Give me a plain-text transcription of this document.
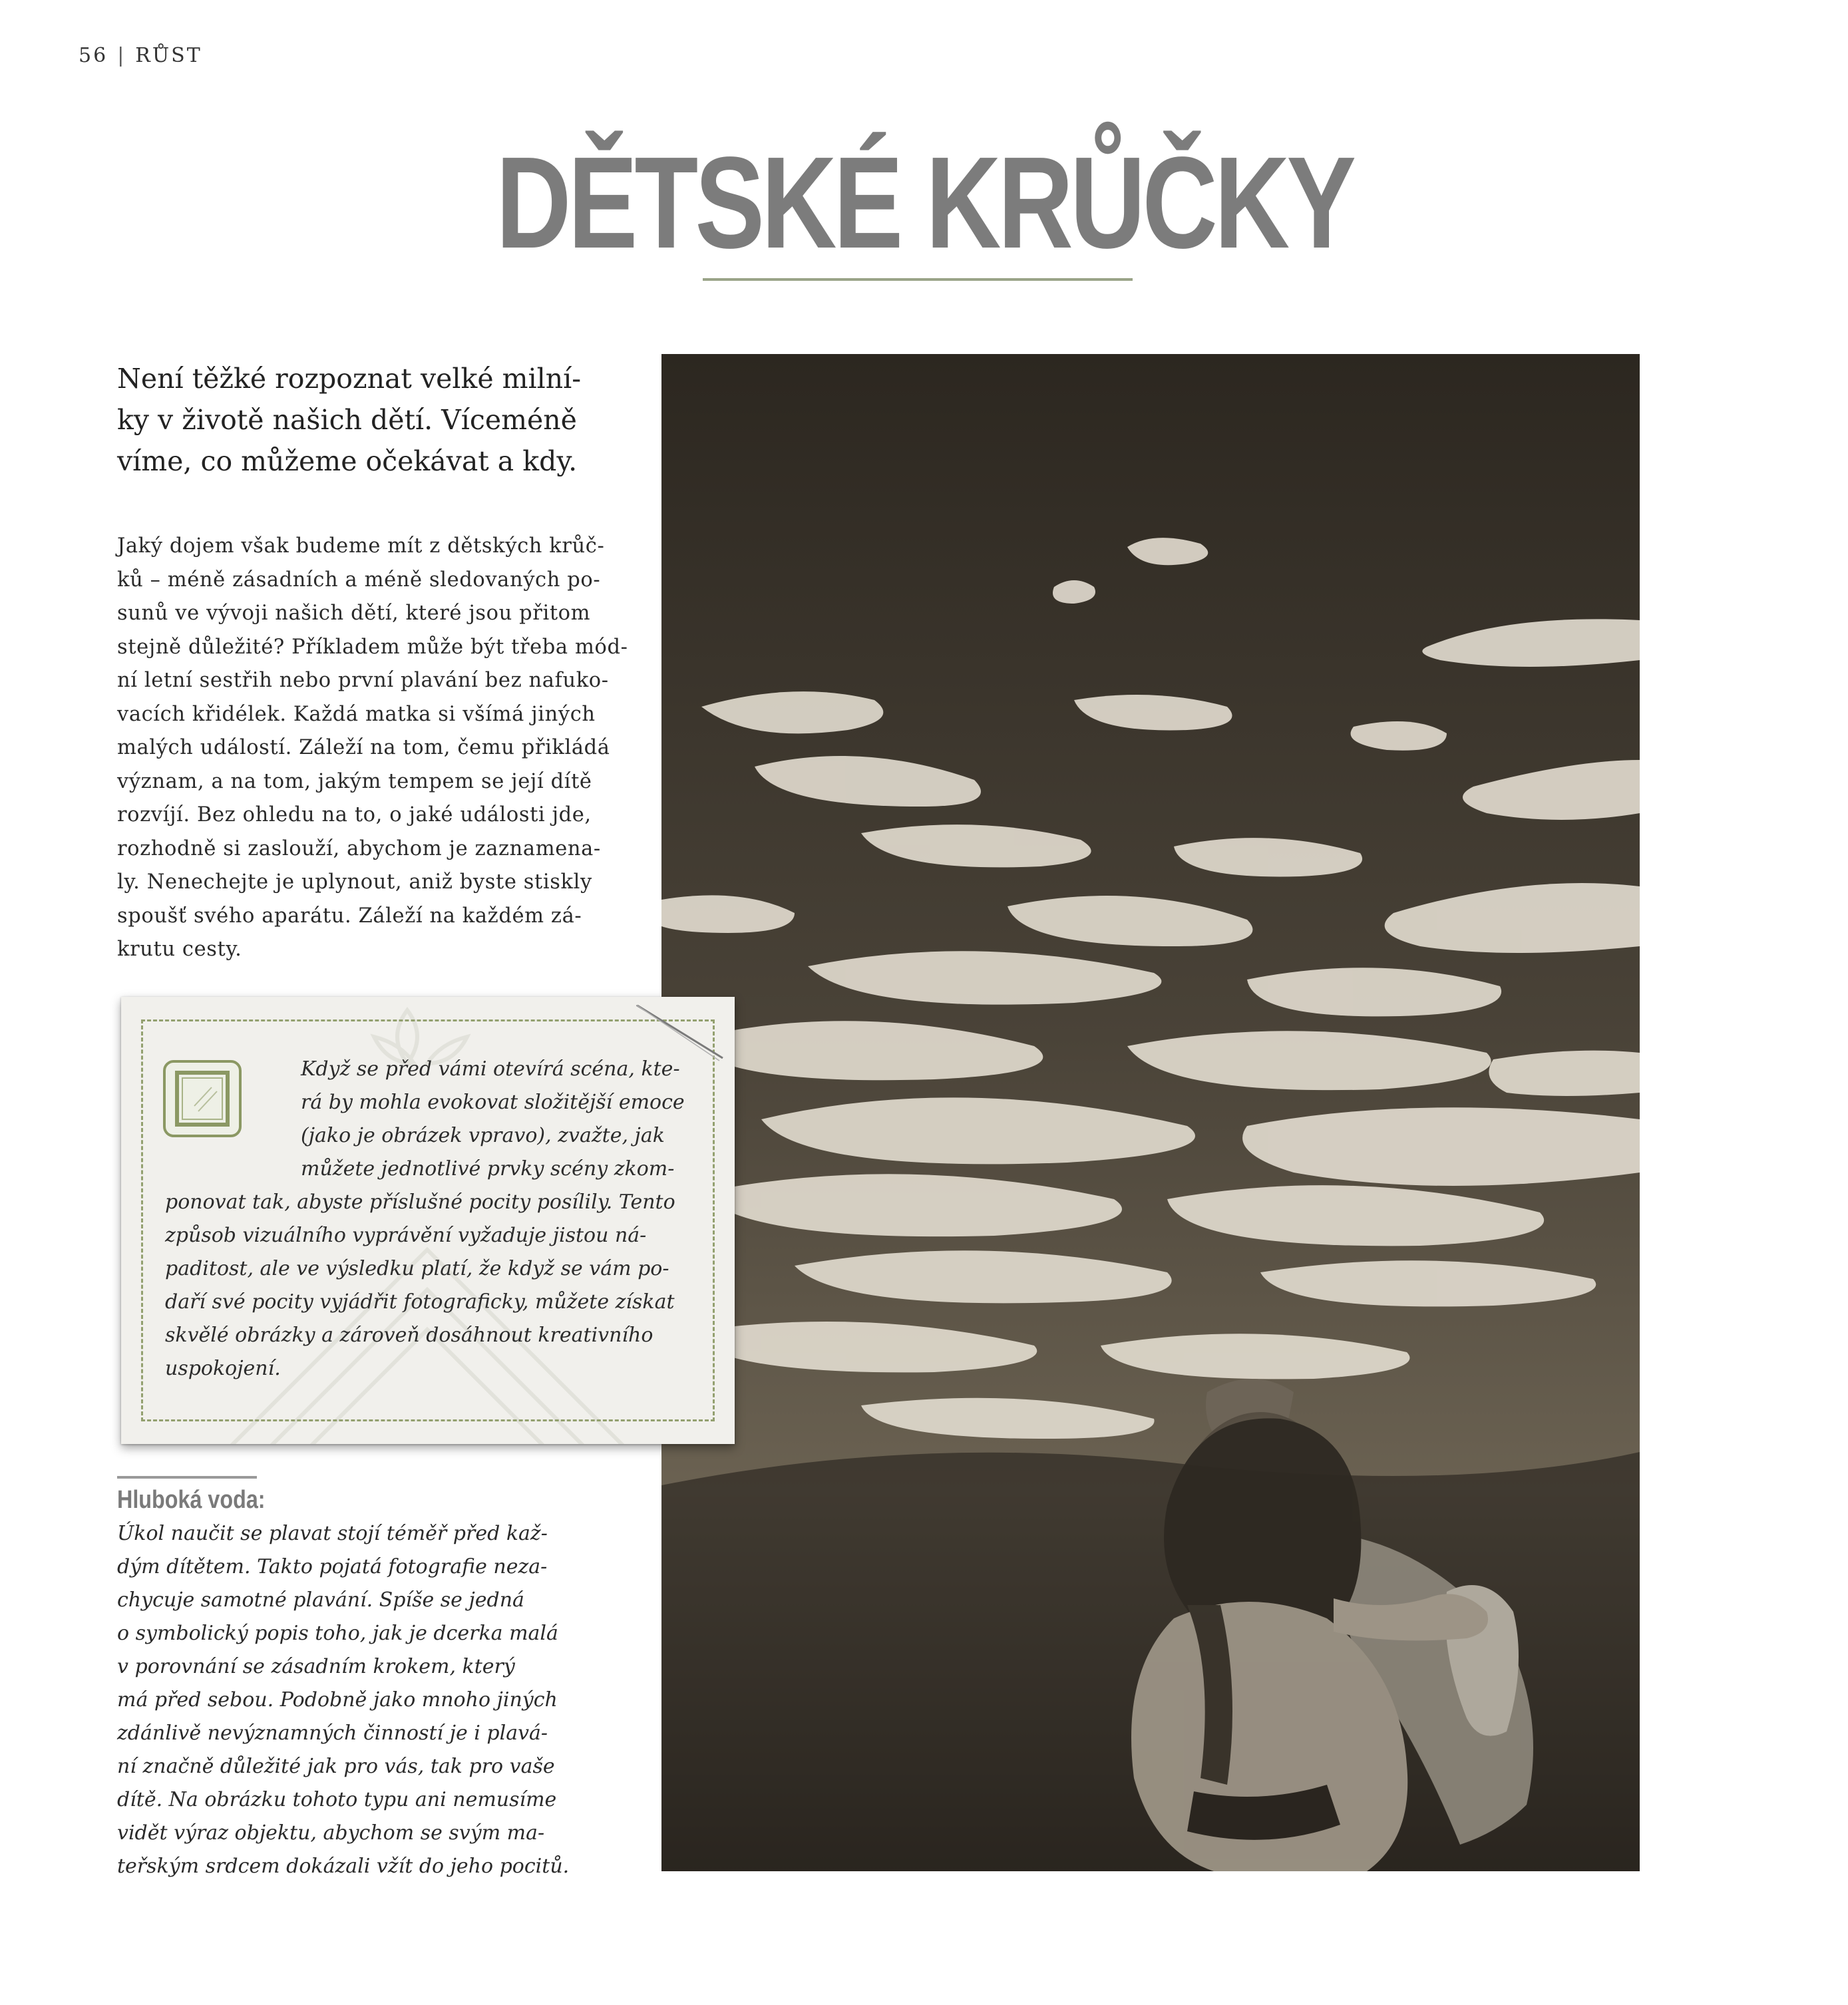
56 | RŮST
DĚTSKÉ KRŮČKY
Není těžké rozpoznat velké milní-
ky v životě našich dětí. Víceméně
víme, co můžeme očekávat a kdy.
Jaký dojem však budeme mít z dětských krůč-
ků – méně zásadních a méně sledovaných po-
sunů ve vývoji našich dětí, které jsou přitom
stejně důležité? Příkladem může být třeba mód-
ní letní sestřih nebo první plavání bez nafuko-
vacích křidélek. Každá matka si všímá jiných
malých událostí. Záleží na tom, čemu přikládá
význam, a na tom, jakým tempem se její dítě
rozvíjí. Bez ohledu na to, o jaké události jde,
rozhodně si zaslouží, abychom je zaznamena-
ly. Nenechejte je uplynout, aniž byste stiskly
spoušť svého aparátu. Záleží na každém zá-
krutu cesty.
Když se před vámi otevírá scéna, kte-
rá by mohla evokovat složitější emoce
(jako je obrázek vpravo), zvažte, jak
můžete jednotlivé prvky scény zkom-
ponovat tak, abyste příslušné pocity posílily. Tento
způsob vizuálního vyprávění vyžaduje jistou ná-
paditost, ale ve výsledku platí, že když se vám po-
daří své pocity vyjádřit fotograficky, můžete získat
skvělé obrázky a zároveň dosáhnout kreativního
uspokojení.
Hluboká voda:
Úkol naučit se plavat stojí téměř před kaž-
dým dítětem. Takto pojatá fotografie neza-
chycuje samotné plavání. Spíše se jedná
o symbolický popis toho, jak je dcerka malá
v porovnání se zásadním krokem, který
má před sebou. Podobně jako mnoho jiných
zdánlivě nevýznamných činností je i plavá-
ní značně důležité jak pro vás, tak pro vaše
dítě. Na obrázku tohoto typu ani nemusíme
vidět výraz objektu, abychom se svým ma-
teřským srdcem dokázali vžít do jeho pocitů.
